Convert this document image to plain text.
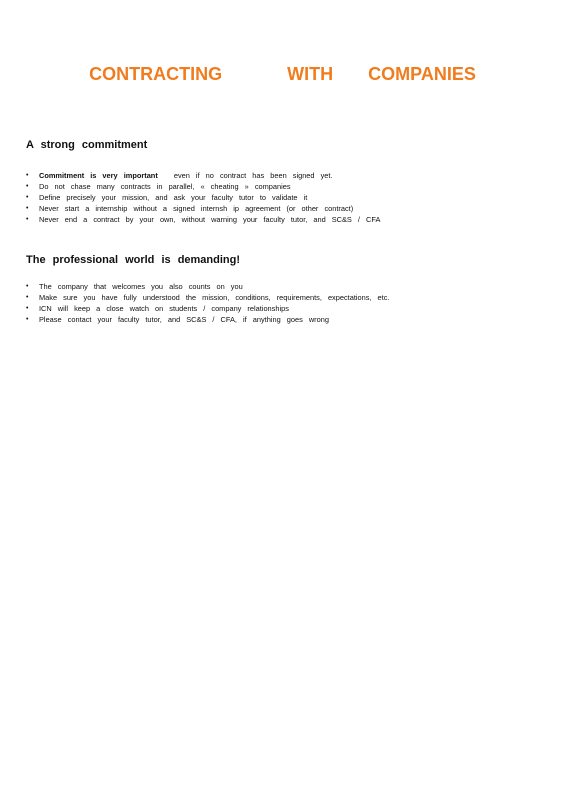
CONTRACTING	WITH COMPANIES
A strong commitment
• Commitment is very important even if no contract has been signed yet.
• Do not chase many contracts in parallel, « cheating » companies
• Define precisely your mission, and ask your faculty tutor to validate it
• Never start a internship without a signed internsh ip agreement (or other contract)
• Never end a contract by your own, without warning your faculty tutor, and SC&S / CFA
The professional world is demanding!
• The company that welcomes you also counts on you
• Make sure you have fully understood the mission, conditions, requirements, expectations, etc.
• ICN will keep a close watch on students / company relationships
• Please contact your faculty tutor, and SC&S / CFA, if anything goes wrong
